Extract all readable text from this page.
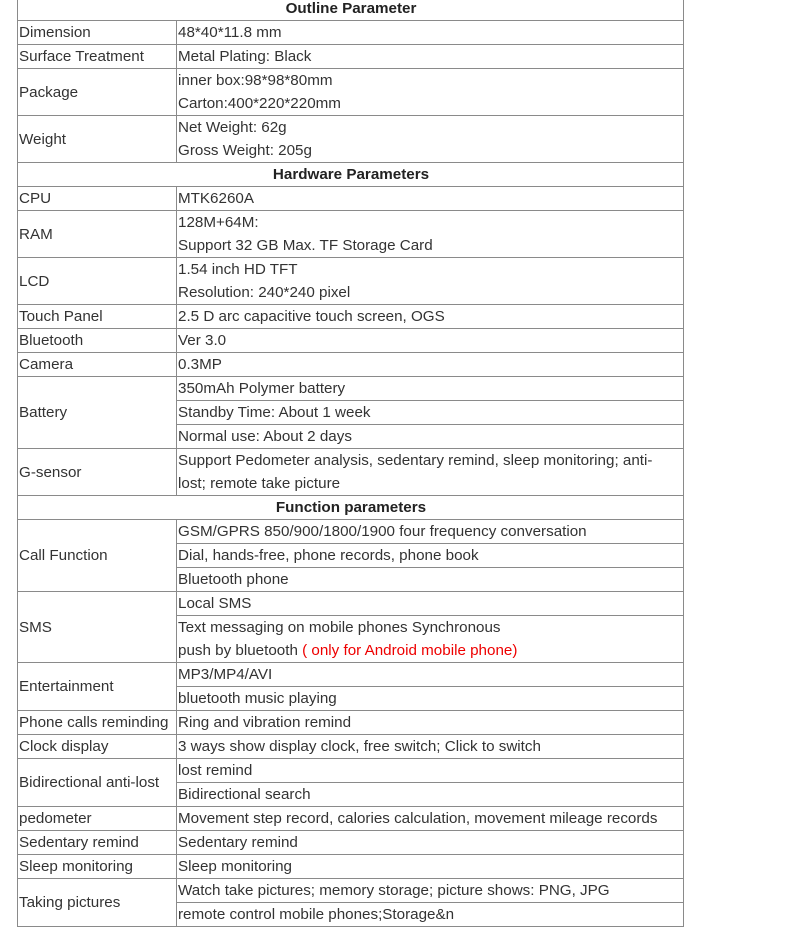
Outline Parameter	
Dimension	48*40*11.8 mm

Surface Treatment	Metal Plating: Black

Package	inner box:98*98*80mm
Carton:400*220*220mm

Weight	Net Weight: 62g
Gross Weight: 205g

Hardware Parameters	
CPU	MTK6260A

RAM	128M+64M:
Support 32 GB Max. TF Storage Card

LCD	1.54 inch HD TFT
Resolution: 240*240 pixel

Touch Panel	2.5 D arc capacitive touch screen, OGS

Bluetooth	Ver 3.0

Camera	0.3MP

Battery	350mAh Polymer battery

	Standby Time: About 1 week

	Normal use: About 2 days

G-sensor	Support Pedometer analysis, sedentary remind, sleep monitoring; anti-
lost; remote take picture

Function parameters	
Call Function	GSM/GPRS 850/900/1800/1900 four frequency conversation

	Dial, hands-free, phone records, phone book

	Bluetooth phone

SMS	Local SMS

	Text messaging on mobile phones Synchronous
push by bluetooth ( only for Android mobile phone)

Entertainment	MP3/MP4/AVI

	bluetooth music playing

Phone calls reminding	Ring and vibration remind

Clock display	3 ways show display clock, free switch; Click to switch

Bidirectional anti-lost	lost remind

	Bidirectional search

pedometer	Movement step record, calories calculation, movement mileage records

Sedentary remind	Sedentary remind

Sleep monitoring	Sleep monitoring

Taking pictures	Watch take pictures; memory storage; picture shows: PNG, JPG

	remote control mobile phones;Storage&n
